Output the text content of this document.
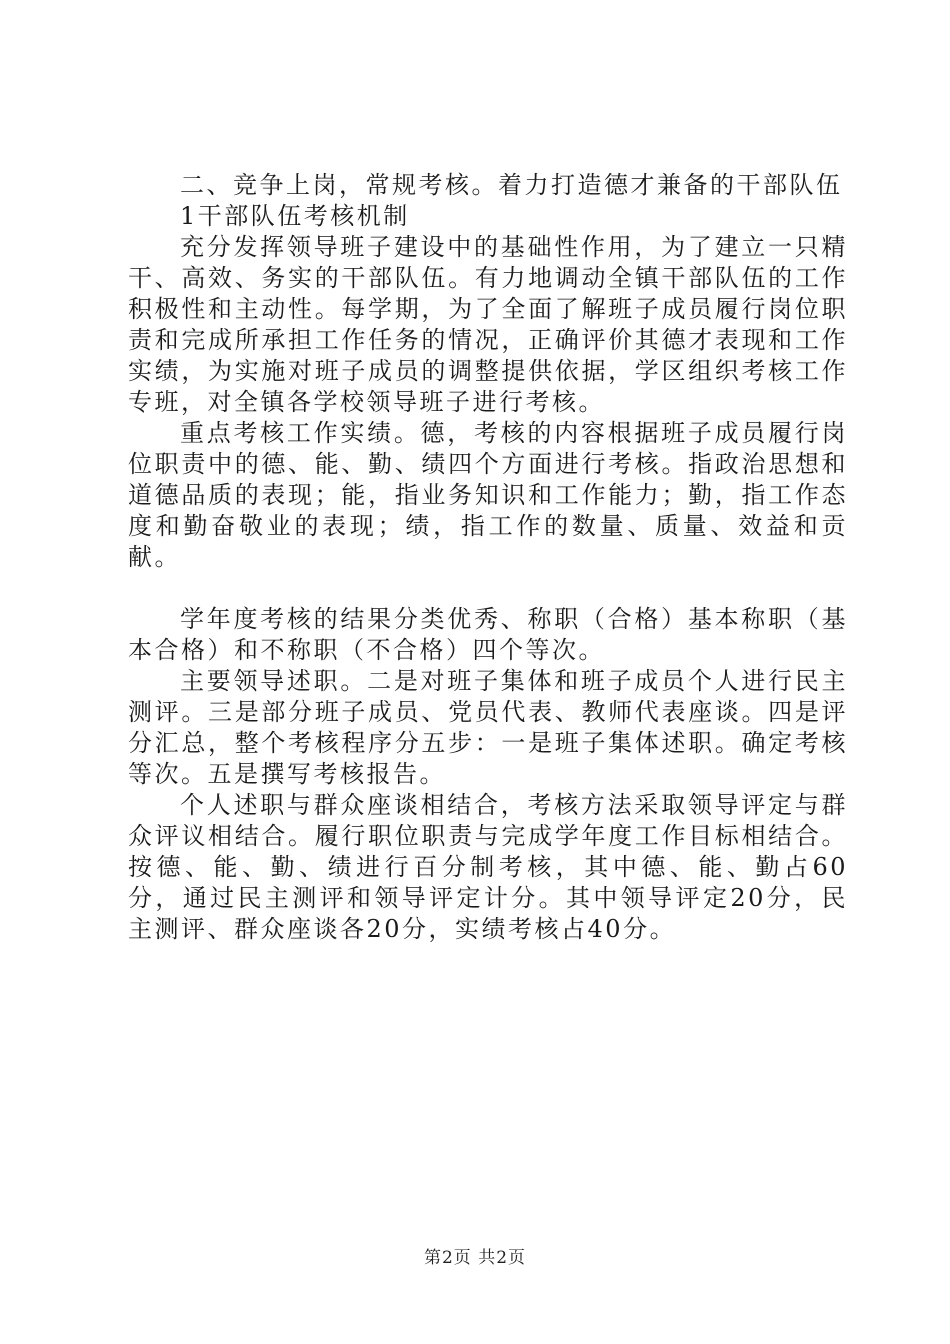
二、竞争上岗，常规考核。着力打造德才兼备的干部队伍

1干部队伍考核机制

充分发挥领导班子建设中的基础性作用，为了建立一只精干、高效、务实的干部队伍。有力地调动全镇干部队伍的工作积极性和主动性。每学期，为了全面了解班子成员履行岗位职责和完成所承担工作任务的情况，正确评价其德才表现和工作实绩，为实施对班子成员的调整提供依据，学区组织考核工作专班，对全镇各学校领导班子进行考核。

重点考核工作实绩。德，考核的内容根据班子成员履行岗位职责中的德、能、勤、绩四个方面进行考核。指政治思想和道德品质的表现；能，指业务知识和工作能力；勤，指工作态度和勤奋敬业的表现；绩，指工作的数量、质量、效益和贡献。

学年度考核的结果分类优秀、称职（合格）基本称职（基本合格）和不称职（不合格）四个等次。

主要领导述职。二是对班子集体和班子成员个人进行民主测评。三是部分班子成员、党员代表、教师代表座谈。四是评分汇总，整个考核程序分五步：一是班子集体述职。确定考核等次。五是撰写考核报告。

个人述职与群众座谈相结合，考核方法采取领导评定与群众评议相结合。履行职位职责与完成学年度工作目标相结合。按德、能、勤、绩进行百分制考核，其中德、能、勤占60分，通过民主测评和领导评定计分。其中领导评定20分，民主测评、群众座谈各20分，实绩考核占40分。

第2页 共2页
